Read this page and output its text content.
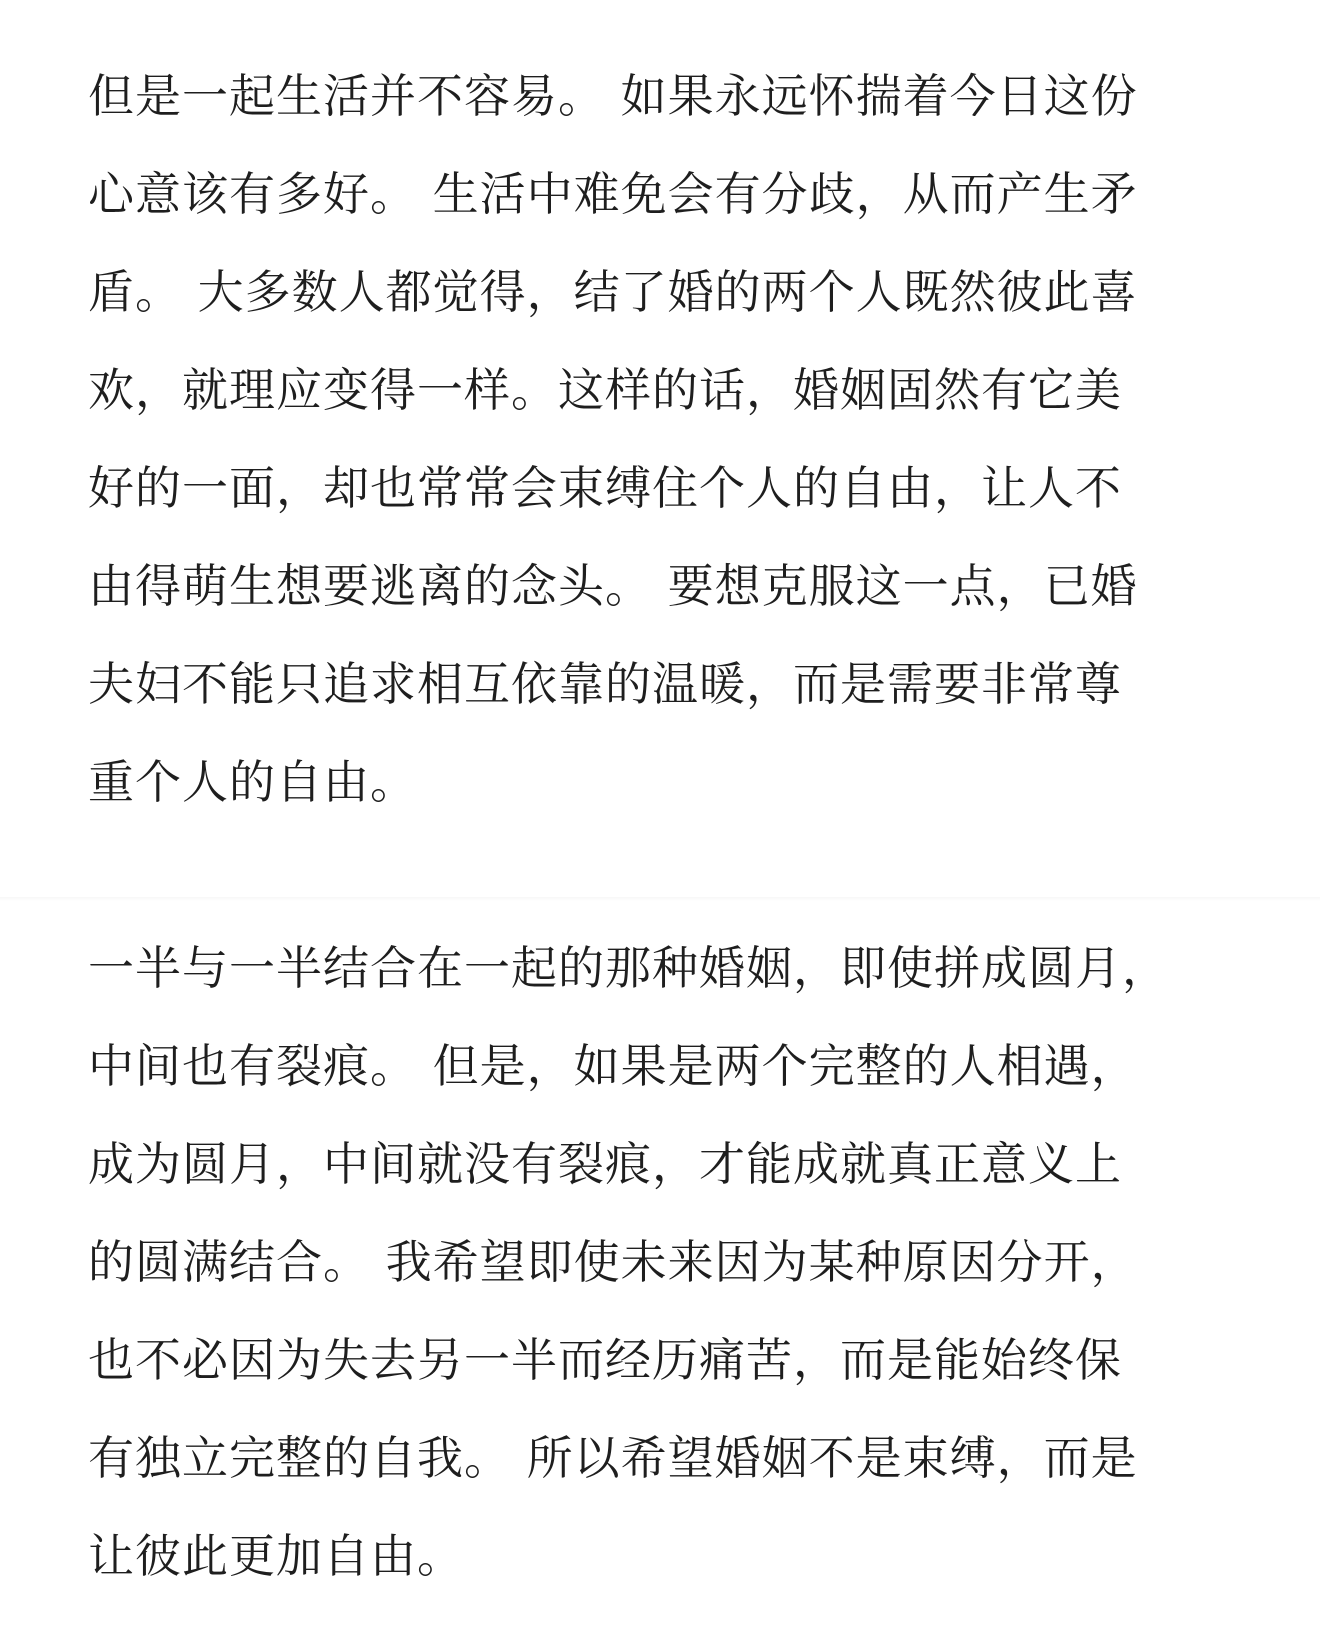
但是一起生活并不容易。 如果永远怀揣着今日这份
心意该有多好。 生活中难免会有分歧，从而产生矛
盾。 大多数人都觉得，结了婚的两个人既然彼此喜
欢，就理应变得一样。这样的话，婚姻固然有它美
好的一面，却也常常会束缚住个人的自由，让人不
由得萌生想要逃离的念头。 要想克服这一点，已婚
夫妇不能只追求相互依靠的温暖，而是需要非常尊
重个人的自由。

一半与一半结合在一起的那种婚姻，即使拼成圆月，
中间也有裂痕。 但是，如果是两个完整的人相遇，
成为圆月，中间就没有裂痕，才能成就真正意义上
的圆满结合。 我希望即使未来因为某种原因分开，
也不必因为失去另一半而经历痛苦，而是能始终保
有独立完整的自我。 所以希望婚姻不是束缚，而是
让彼此更加自由。
